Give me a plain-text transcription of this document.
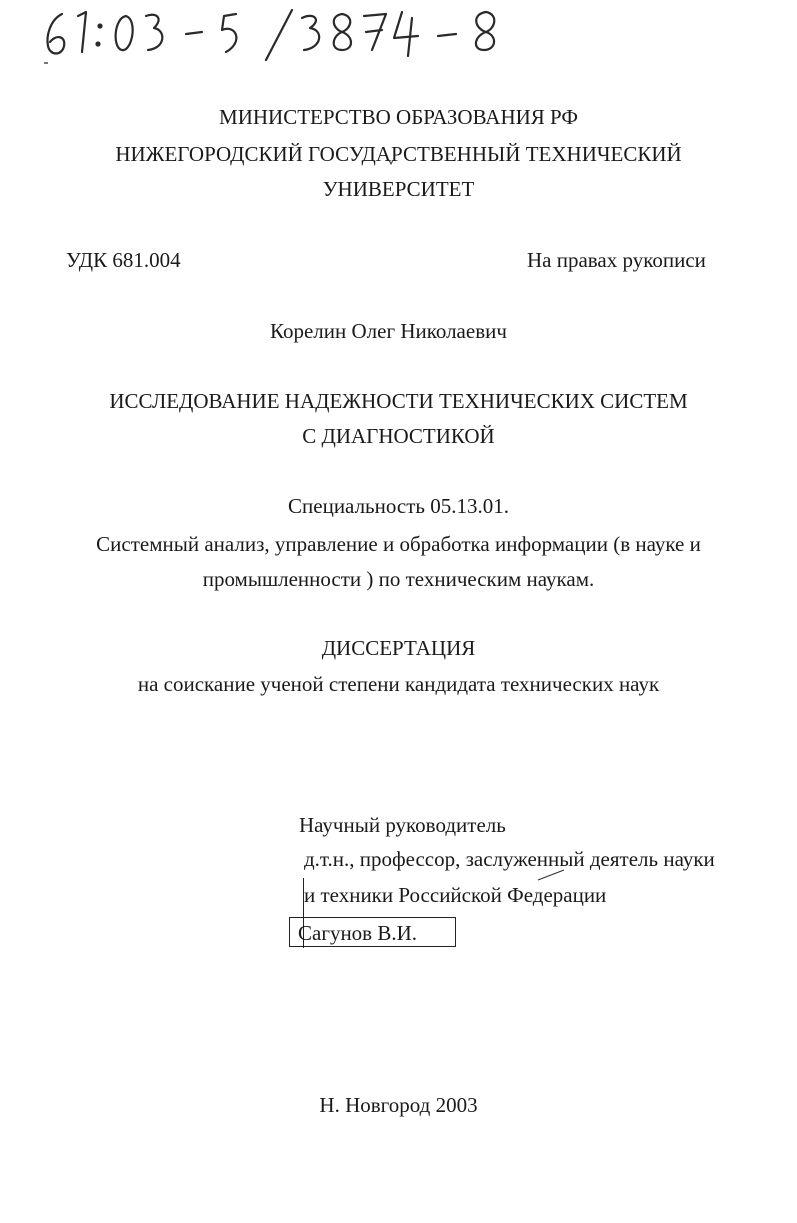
МИНИСТЕРСТВО ОБРАЗОВАНИЯ РФ
НИЖЕГОРОДСКИЙ ГОСУДАРСТВЕННЫЙ ТЕХНИЧЕСКИЙ
УНИВЕРСИТЕТ
УДК 681.004	На правах рукописи
Корелин Олег Николаевич
ИССЛЕДОВАНИЕ НАДЕЖНОСТИ ТЕХНИЧЕСКИХ СИСТЕМ
С ДИАГНОСТИКОЙ
Специальность 05.13.01.
Системный анализ, управление и обработка информации (в науке и
промышленности ) по техническим наукам.
ДИССЕРТАЦИЯ
на соискание ученой степени кандидата технических наук
Научный руководитель
д.т.н., профессор, заслуженный деятель науки
и техники Российской Федерации
Сагунов В.И.
Н. Новгород 2003
